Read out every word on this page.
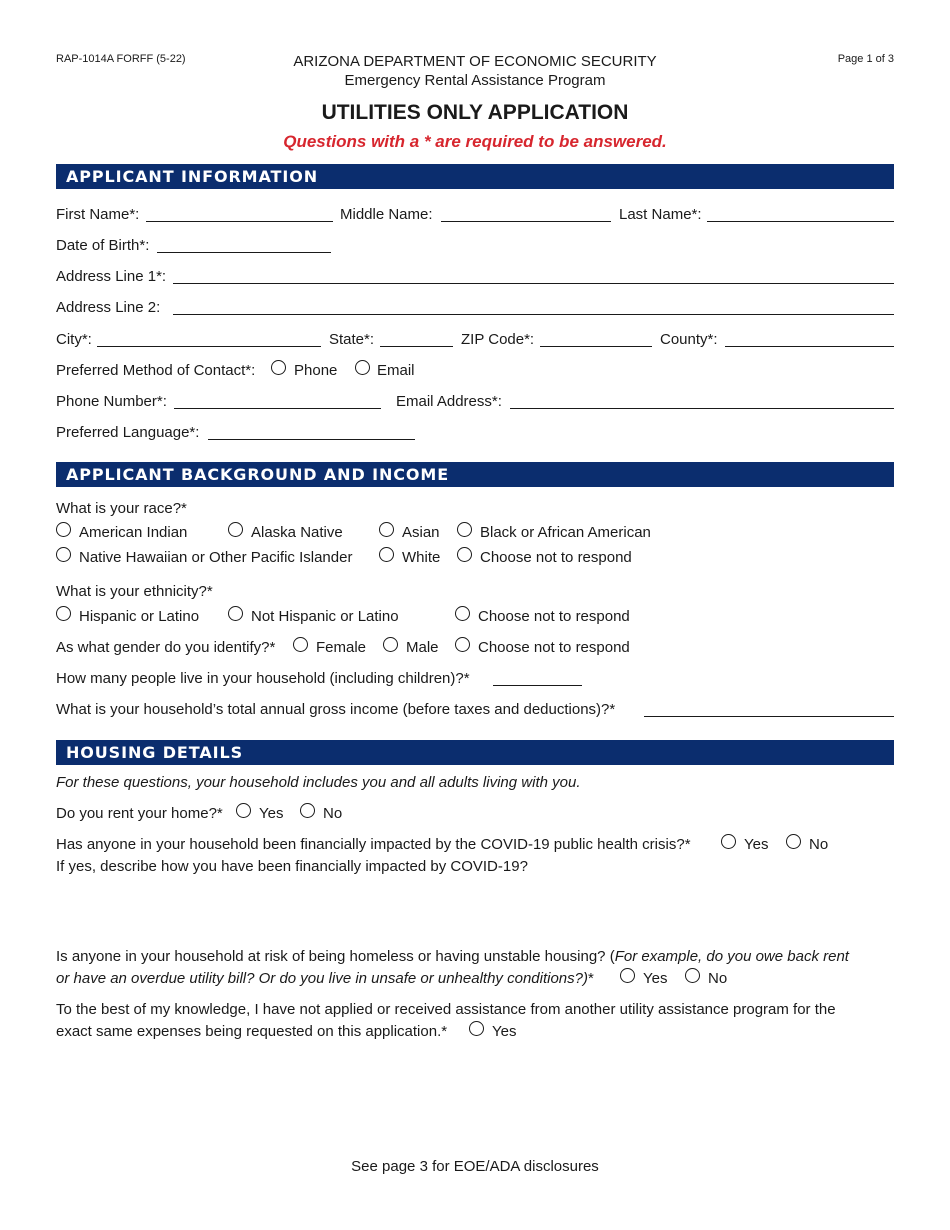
RAP-1014A FORFF (5-22)	ARIZONA DEPARTMENT OF ECONOMIC SECURITY
Emergency Rental Assistance Program
Page 1 of 3
UTILITIES ONLY APPLICATION
Questions with a * are required to be answered.
APPLICANT INFORMATION
First Name*:	Middle Name:	Last Name*:
Date of Birth*:
Address Line 1*:
Address Line 2:
City*:	State*:	ZIP Code*:	County*:
Preferred Method of Contact*:	Phone	Email
Phone Number*:	Email Address*:
Preferred Language*:
APPLICANT BACKGROUND AND INCOME
What is your race?*
American Indian	Alaska Native	Asian	Black or African American
Native Hawaiian or Other Pacific Islander	White	Choose not to respond
What is your ethnicity?*
Hispanic or Latino	Not Hispanic or Latino	Choose not to respond
As what gender do you identify?*	Female	Male	Choose not to respond
How many people live in your household (including children)?*
What is your household’s total annual gross income (before taxes and deductions)?*
HOUSING DETAILS
For these questions, your household includes you and all adults living with you.
Do you rent your home?* Yes	No
Has anyone in your household been financially impacted by the COVID-19 public health crisis?*	Yes	No
If yes, describe how you have been financially impacted by COVID-19?
Is anyone in your household at risk of being homeless or having unstable housing? (For example, do you owe back rent
or have an overdue utility bill? Or do you live in unsafe or unhealthy conditions?)*	Yes	No
To the best of my knowledge, I have not applied or received assistance from another utility assistance program for the
exact same expenses being requested on this application.*	Yes
See page 3 for EOE/ADA disclosures
